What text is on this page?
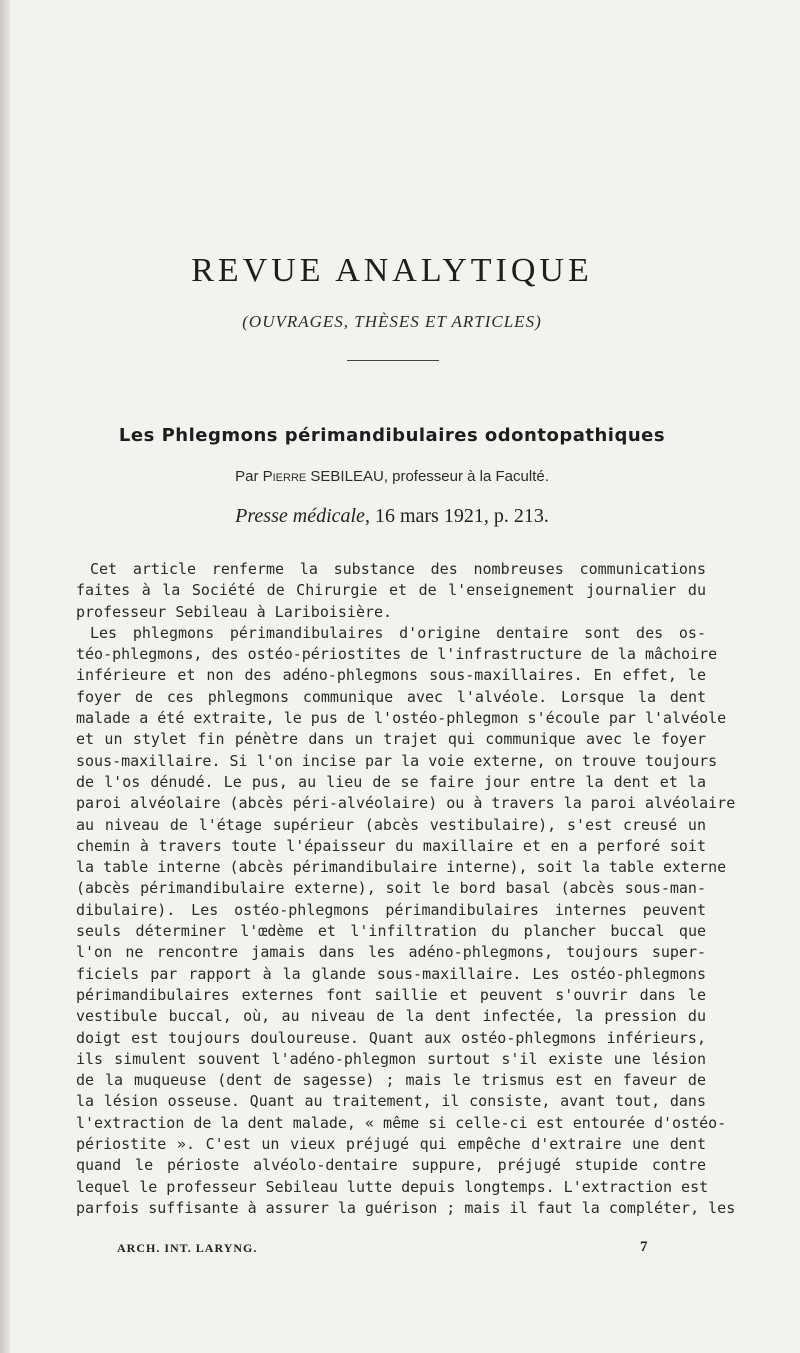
REVUE ANALYTIQUE
(OUVRAGES, THÈSES ET ARTICLES)
Les Phlegmons périmandibulaires odontopathiques
Par Pierre SEBILEAU, professeur à la Faculté.
Presse médicale, 16 mars 1921, p. 213.
Cet article renferme la substance des nombreuses communications
faites à la Société de Chirurgie et de l'enseignement journalier du
professeur Sebileau à Lariboisière.
Les phlegmons périmandibulaires d'origine dentaire sont des os-
téo-phlegmons, des ostéo-périostites de l'infrastructure de la mâchoire
inférieure et non des adéno-phlegmons sous-maxillaires. En effet, le
foyer de ces phlegmons communique avec l'alvéole. Lorsque la dent
malade a été extraite, le pus de l'ostéo-phlegmon s'écoule par l'alvéole
et un stylet fin pénètre dans un trajet qui communique avec le foyer
sous-maxillaire. Si l'on incise par la voie externe, on trouve toujours
de l'os dénudé. Le pus, au lieu de se faire jour entre la dent et la
paroi alvéolaire (abcès péri-alvéolaire) ou à travers la paroi alvéolaire
au niveau de l'étage supérieur (abcès vestibulaire), s'est creusé un
chemin à travers toute l'épaisseur du maxillaire et en a perforé soit
la table interne (abcès périmandibulaire interne), soit la table externe
(abcès périmandibulaire externe), soit le bord basal (abcès sous-man-
dibulaire). Les ostéo-phlegmons périmandibulaires internes peuvent
seuls déterminer l'œdème et l'infiltration du plancher buccal que
l'on ne rencontre jamais dans les adéno-phlegmons, toujours super-
ficiels par rapport à la glande sous-maxillaire. Les ostéo-phlegmons
périmandibulaires externes font saillie et peuvent s'ouvrir dans le
vestibule buccal, où, au niveau de la dent infectée, la pression du
doigt est toujours douloureuse. Quant aux ostéo-phlegmons inférieurs,
ils simulent souvent l'adéno-phlegmon surtout s'il existe une lésion
de la muqueuse (dent de sagesse) ; mais le trismus est en faveur de
la lésion osseuse. Quant au traitement, il consiste, avant tout, dans
l'extraction de la dent malade, « même si celle-ci est entourée d'ostéo-
périostite ». C'est un vieux préjugé qui empêche d'extraire une dent
quand le périoste alvéolo-dentaire suppure, préjugé stupide contre
lequel le professeur Sebileau lutte depuis longtemps. L'extraction est
parfois suffisante à assurer la guérison ; mais il faut la compléter, les
ARCH. INT. LARYNG.	7
